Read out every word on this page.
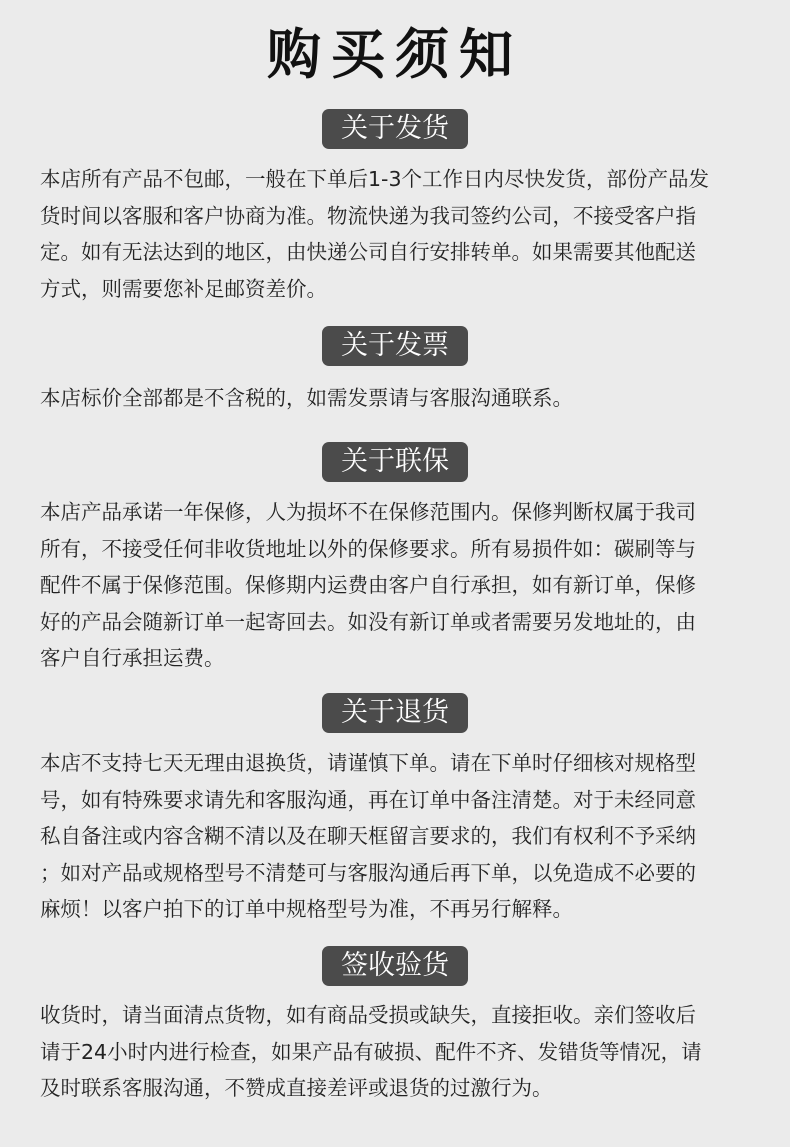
购买须知
关于发货
本店所有产品不包邮，一般在下单后1-3个工作日内尽快发货，部份产品发
货时间以客服和客户协商为准。物流快递为我司签约公司，不接受客户指
定。如有无法达到的地区，由快递公司自行安排转单。如果需要其他配送
方式，则需要您补足邮资差价。
关于发票
本店标价全部都是不含税的，如需发票请与客服沟通联系。
关于联保
本店产品承诺一年保修，人为损坏不在保修范围内。保修判断权属于我司
所有，不接受任何非收货地址以外的保修要求。所有易损件如：碳刷等与
配件不属于保修范围。保修期内运费由客户自行承担，如有新订单，保修
好的产品会随新订单一起寄回去。如没有新订单或者需要另发地址的，由
客户自行承担运费。
关于退货
本店不支持七天无理由退换货，请谨慎下单。请在下单时仔细核对规格型
号，如有特殊要求请先和客服沟通，再在订单中备注清楚。对于未经同意
私自备注或内容含糊不清以及在聊天框留言要求的，我们有权利不予采纳
；如对产品或规格型号不清楚可与客服沟通后再下单，以免造成不必要的
麻烦！以客户拍下的订单中规格型号为准，不再另行解释。
签收验货
收货时，请当面清点货物，如有商品受损或缺失，直接拒收。亲们签收后
请于24小时内进行检查，如果产品有破损、配件不齐、发错货等情况，请
及时联系客服沟通，不赞成直接差评或退货的过激行为。
